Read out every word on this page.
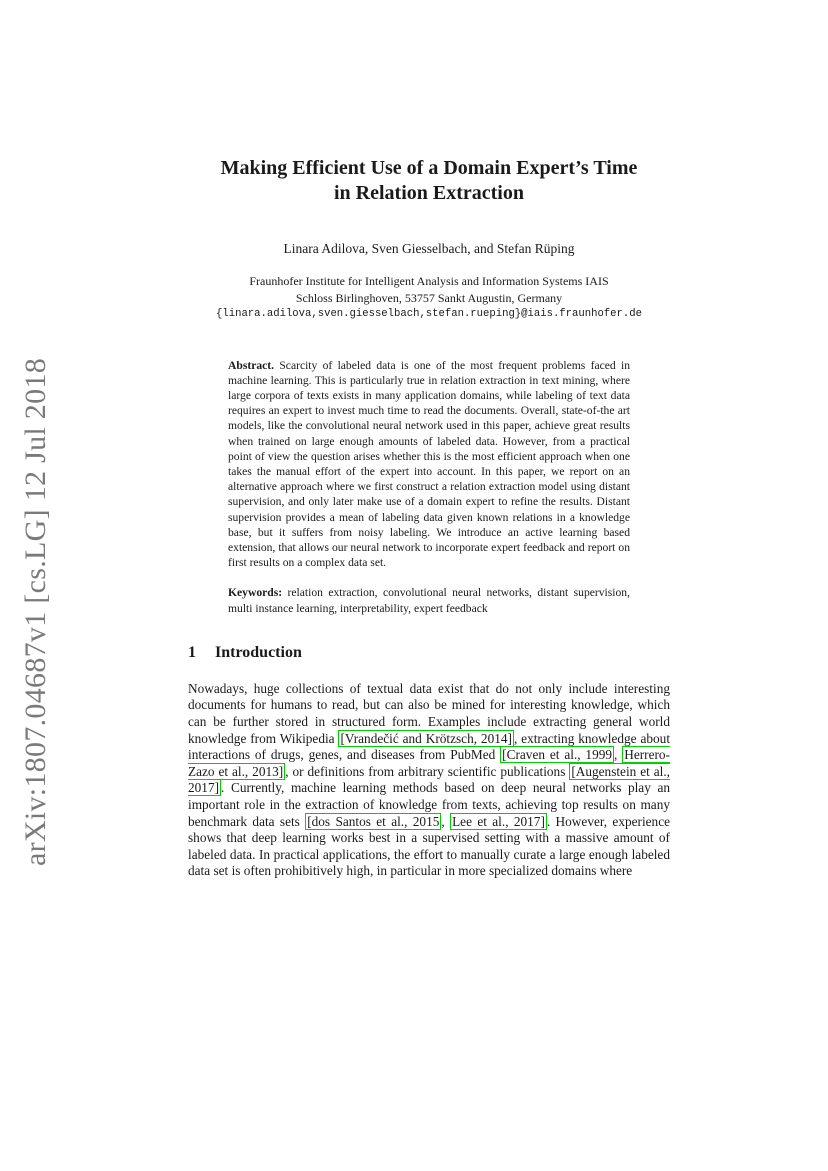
arXiv:1807.04687v1 [cs.LG] 12 Jul 2018
Making Efficient Use of a Domain Expert’s Time
in Relation Extraction
Linara Adilova, Sven Giesselbach, and Stefan Rüping
Fraunhofer Institute for Intelligent Analysis and Information Systems IAIS
Schloss Birlinghoven, 53757 Sankt Augustin, Germany
{linara.adilova,sven.giesselbach,stefan.rueping}@iais.fraunhofer.de
Abstract. Scarcity of labeled data is one of the most frequent problems faced in machine learning. This is particularly true in relation extraction in text mining, where large corpora of texts exists in many application domains, while labeling of text data requires an expert to invest much time to read the documents. Overall, state-of-the art models, like the convolutional neural network used in this paper, achieve great results when trained on large enough amounts of labeled data. However, from a practical point of view the question arises whether this is the most efficient approach when one takes the manual effort of the expert into account. In this paper, we report on an alternative approach where we first construct a relation extraction model using distant supervision, and only later make use of a domain expert to refine the results. Distant supervision provides a mean of labeling data given known relations in a knowledge base, but it suffers from noisy labeling. We introduce an active learning based extension, that allows our neural network to incorporate expert feedback and report on first results on a complex data set.
Keywords: relation extraction, convolutional neural networks, distant supervision, multi instance learning, interpretability, expert feedback
1 Introduction
Nowadays, huge collections of textual data exist that do not only include interesting documents for humans to read, but can also be mined for interesting knowledge, which can be further stored in structured form. Examples include extracting general world knowledge from Wikipedia [Vrandečić and Krötzsch, 2014] , extracting knowledge about interactions of drugs, genes, and diseases from PubMed [Craven et al., 1999 , Herrero-Zazo et al., 2013] , or definitions from arbitrary scientific publications [Augenstein et al., 2017] . Currently, machine learning methods based on deep neural networks play an important role in the extraction of knowledge from texts, achieving top results on many benchmark data sets [dos Santos et al., 2015 , Lee et al., 2017] . However, experience shows that deep learning works best in a supervised setting with a massive amount of labeled data. In practical applications, the effort to manually curate a large enough labeled data set is often prohibitively high, in particular in more specialized domains where
